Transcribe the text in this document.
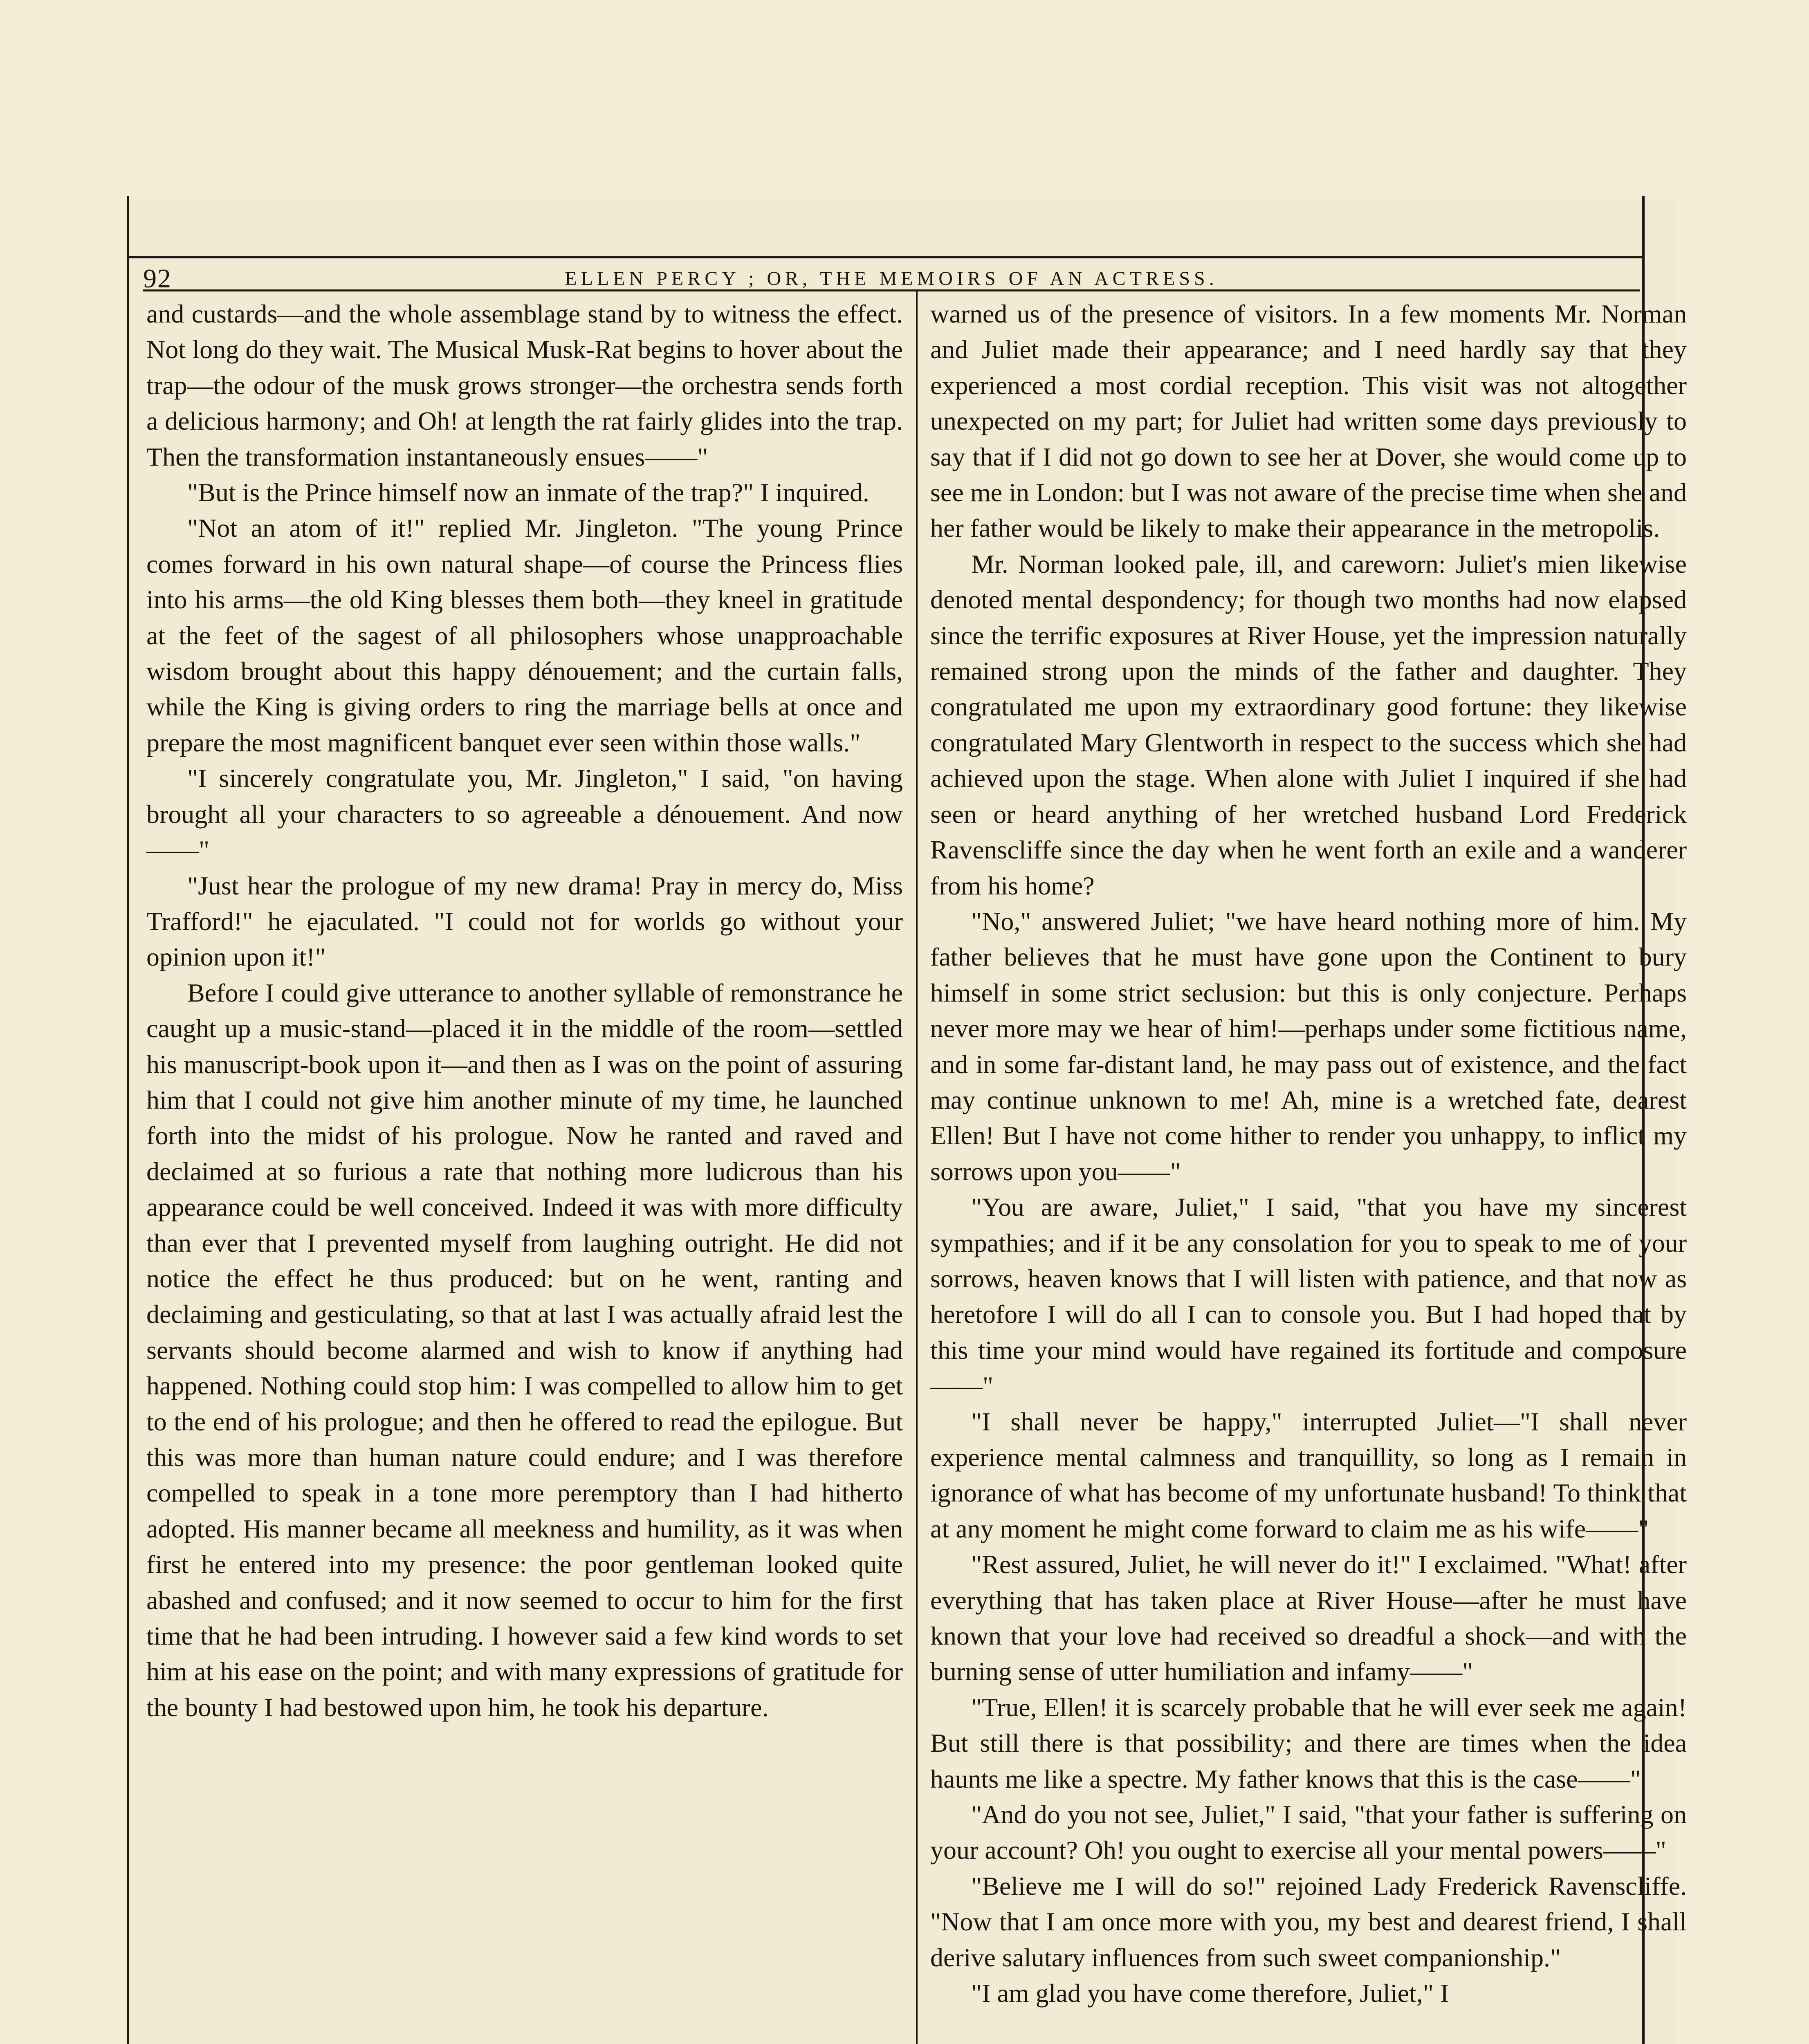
92	ELLEN PERCY ; OR, THE MEMOIRS OF AN ACTRESS.

and custards—and the whole assemblage stand by to witness the effect. Not long do they wait. The Musical Musk-Rat begins to hover about the trap—the odour of the musk grows stronger—the orchestra sends forth a delicious harmony; and Oh! at length the rat fairly glides into the trap. Then the transformation instantaneously ensues——"

"But is the Prince himself now an inmate of the trap?" I inquired.

"Not an atom of it!" replied Mr. Jingleton. "The young Prince comes forward in his own natural shape—of course the Princess flies into his arms—the old King blesses them both—they kneel in gratitude at the feet of the sagest of all philosophers whose unapproachable wisdom brought about this happy dénouement; and the curtain falls, while the King is giving orders to ring the marriage bells at once and prepare the most magnificent banquet ever seen within those walls."

"I sincerely congratulate you, Mr. Jingleton," I said, "on having brought all your characters to so agreeable a dénouement. And now——"

"Just hear the prologue of my new drama! Pray in mercy do, Miss Trafford!" he ejaculated. "I could not for worlds go without your opinion upon it!"

Before I could give utterance to another syllable of remonstrance he caught up a music-stand—placed it in the middle of the room—settled his manuscript-book upon it—and then as I was on the point of assuring him that I could not give him another minute of my time, he launched forth into the midst of his prologue. Now he ranted and raved and declaimed at so furious a rate that nothing more ludicrous than his appearance could be well conceived. Indeed it was with more difficulty than ever that I prevented myself from laughing outright. He did not notice the effect he thus produced: but on he went, ranting and declaiming and gesticulating, so that at last I was actually afraid lest the servants should become alarmed and wish to know if anything had happened. Nothing could stop him: I was compelled to allow him to get to the end of his prologue; and then he offered to read the epilogue. But this was more than human nature could endure; and I was therefore compelled to speak in a tone more peremptory than I had hitherto adopted. His manner became all meekness and humility, as it was when first he entered into my presence: the poor gentleman looked quite abashed and confused; and it now seemed to occur to him for the first time that he had been intruding. I however said a few kind words to set him at his ease on the point; and with many expressions of gratitude for the bounty I had bestowed upon him, he took his departure.

warned us of the presence of visitors. In a few moments Mr. Norman and Juliet made their appearance; and I need hardly say that they experienced a most cordial reception. This visit was not altogether unexpected on my part; for Juliet had written some days previously to say that if I did not go down to see her at Dover, she would come up to see me in London: but I was not aware of the precise time when she and her father would be likely to make their appearance in the metropolis.

Mr. Norman looked pale, ill, and careworn: Juliet's mien likewise denoted mental despondency; for though two months had now elapsed since the terrific exposures at River House, yet the impression naturally remained strong upon the minds of the father and daughter. They congratulated me upon my extraordinary good fortune: they likewise congratulated Mary Glentworth in respect to the success which she had achieved upon the stage. When alone with Juliet I inquired if she had seen or heard anything of her wretched husband Lord Frederick Ravenscliffe since the day when he went forth an exile and a wanderer from his home?

"No," answered Juliet; "we have heard nothing more of him. My father believes that he must have gone upon the Continent to bury himself in some strict seclusion: but this is only conjecture. Perhaps never more may we hear of him!—perhaps under some fictitious name, and in some far-distant land, he may pass out of existence, and the fact may continue unknown to me! Ah, mine is a wretched fate, dearest Ellen! But I have not come hither to render you unhappy, to inflict my sorrows upon you——"

"You are aware, Juliet," I said, "that you have my sincerest sympathies; and if it be any consolation for you to speak to me of your sorrows, heaven knows that I will listen with patience, and that now as heretofore I will do all I can to console you. But I had hoped that by this time your mind would have regained its fortitude and composure——"

"I shall never be happy," interrupted Juliet—"I shall never experience mental calmness and tranquillity, so long as I remain in ignorance of what has become of my unfortunate husband! To think that at any moment he might come forward to claim me as his wife——"

"Rest assured, Juliet, he will never do it!" I exclaimed. "What! after everything that has taken place at River House—after he must have known that your love had received so dreadful a shock—and with the burning sense of utter humiliation and infamy——"

"True, Ellen! it is scarcely probable that he will ever seek me again! But still there is that possibility; and there are times when the idea haunts me like a spectre. My father knows that this is the case——"

"And do you not see, Juliet," I said, "that your father is suffering on your account? Oh! you ought to exercise all your mental powers——"

"Believe me I will do so!" rejoined Lady Frederick Ravenscliffe. "Now that I am once more with you, my best and dearest friend, I shall derive salutary influences from such sweet companionship."

"I am glad you have come therefore, Juliet," I
